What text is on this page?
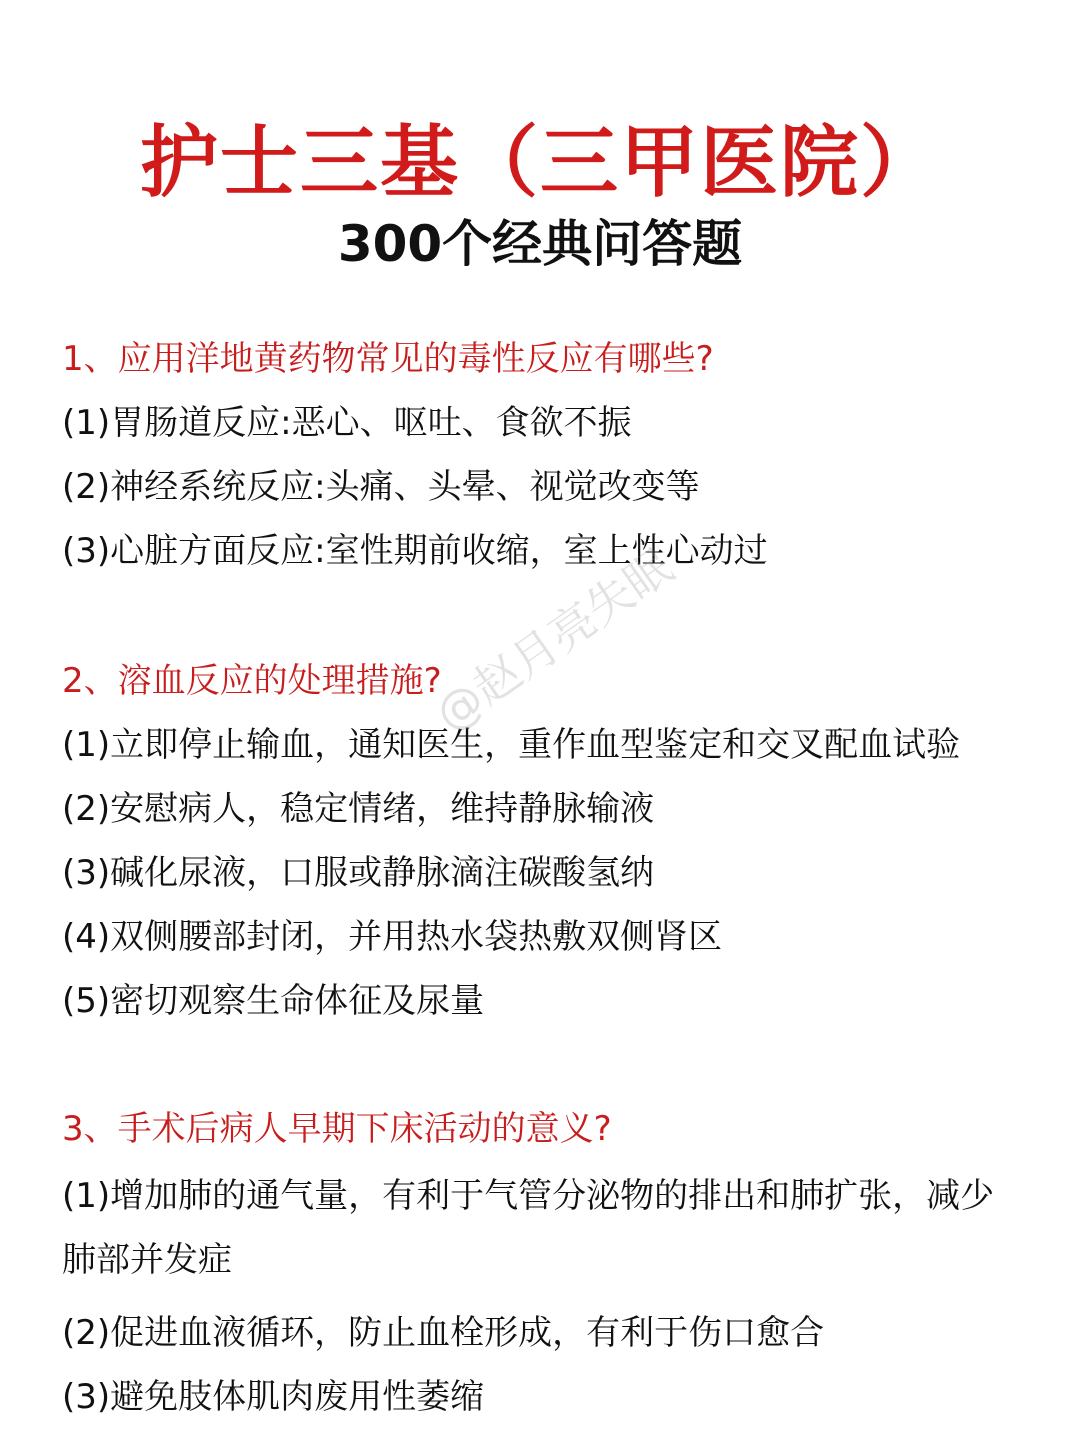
护士三基（三甲医院）
300个经典问答题

1、应用洋地黄药物常见的毒性反应有哪些?

(1)胃肠道反应:恶心、呕吐、食欲不振

(2)神经系统反应:头痛、头晕、视觉改变等

(3)心脏方面反应:室性期前收缩，室上性心动过

2、溶血反应的处理措施?

(1)立即停止输血，通知医生，重作血型鉴定和交叉配血试验

(2)安慰病人，稳定情绪，维持静脉输液

(3)碱化尿液，口服或静脉滴注碳酸氢纳

(4)双侧腰部封闭，并用热水袋热敷双侧肾区

(5)密切观察生命体征及尿量

3、手术后病人早期下床活动的意义?

(1)增加肺的通气量，有利于气管分泌物的排出和肺扩张，减少肺部并发症

(2)促进血液循环，防止血栓形成，有利于伤口愈合

(3)避免肢体肌肉废用性萎缩

@赵月亮失眠
